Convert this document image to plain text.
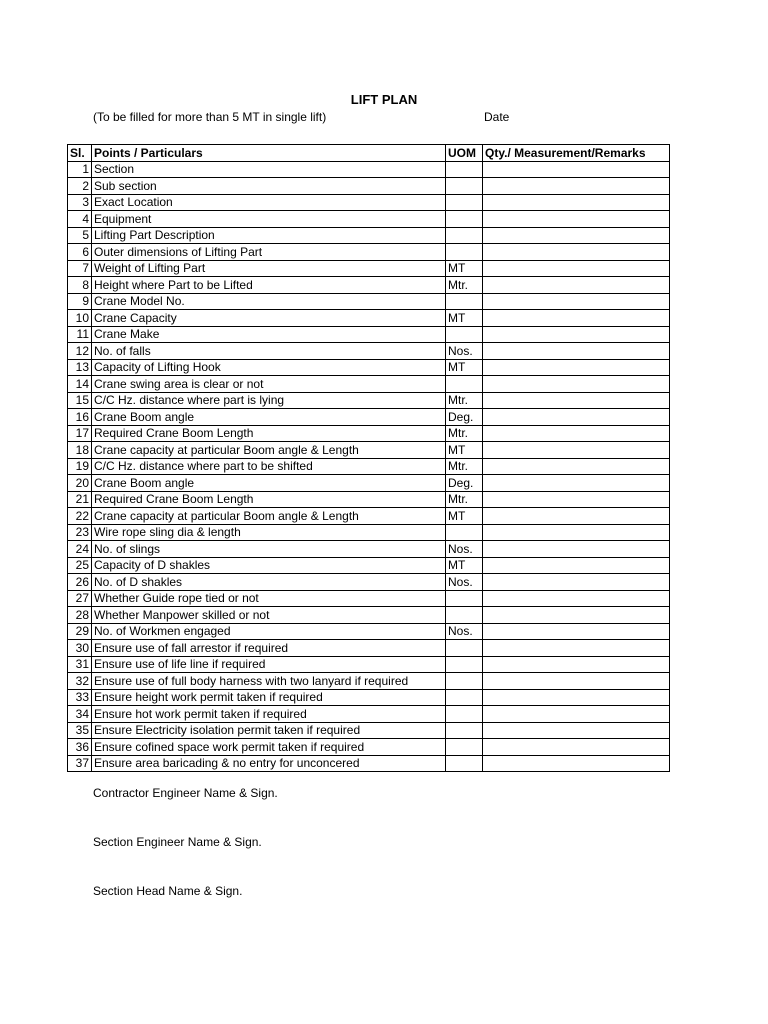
LIFT PLAN
(To be filled for more than 5 MT in single lift)	Date
Sl.	Points / Particulars	UOM	Qty./ Measurement/Remarks
1	Section		
2	Sub section		
3	Exact Location		
4	Equipment		
5	Lifting Part Description		
6	Outer dimensions of Lifting Part		
7	Weight of Lifting Part	MT	
8	Height where Part to be Lifted	Mtr.	
9	Crane Model No.		
10	Crane Capacity	MT	
11	Crane Make		
12	No. of falls	Nos.	
13	Capacity of Lifting Hook	MT	
14	Crane swing area is clear or not		
15	C/C Hz. distance where part is lying	Mtr.	
16	Crane Boom angle	Deg.	
17	Required Crane Boom Length	Mtr.	
18	Crane capacity at particular Boom angle & Length	MT	
19	C/C Hz. distance where part to be shifted	Mtr.	
20	Crane Boom angle	Deg.	
21	Required Crane Boom Length	Mtr.	
22	Crane capacity at particular Boom angle & Length	MT	
23	Wire rope sling dia & length		
24	No. of slings	Nos.	
25	Capacity of D shakles	MT	
26	No. of D shakles	Nos.	
27	Whether Guide rope tied or not		
28	Whether Manpower skilled or not		
29	No. of Workmen engaged	Nos.	
30	Ensure use of fall arrestor if required		
31	Ensure use of life line if required		
32	Ensure use of full body harness with two lanyard if required		
33	Ensure height work permit taken if required		
34	Ensure hot work permit taken if required		
35	Ensure Electricity isolation permit taken if required		
36	Ensure cofined space work permit taken if required		
37	Ensure area baricading & no entry for unconcered		
Contractor Engineer Name & Sign.
Section Engineer Name & Sign.
Section Head Name & Sign.
